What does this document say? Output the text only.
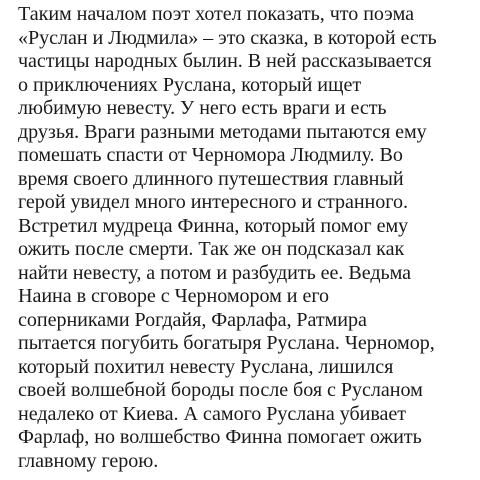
Таким началом поэт хотел показать, что поэма
«Руслан и Людмила» – это сказка, в которой есть
частицы народных былин. В ней рассказывается
о приключениях Руслана, который ищет
любимую невесту. У него есть враги и есть
друзья. Враги разными методами пытаются ему
помешать спасти от Черномора Людмилу. Во
время своего длинного путешествия главный
герой увидел много интересного и странного.
Встретил мудреца Финна, который помог ему
ожить после смерти. Так же он подсказал как
найти невесту, а потом и разбудить ее. Ведьма
Наина в сговоре с Черномором и его
соперниками Рогдайя, Фарлафа, Ратмира
пытается погубить богатыря Руслана. Черномор,
который похитил невесту Руслана, лишился
своей волшебной бороды после боя с Русланом
недалеко от Киева. А самого Руслана убивает
Фарлаф, но волшебство Финна помогает ожить
главному герою.
